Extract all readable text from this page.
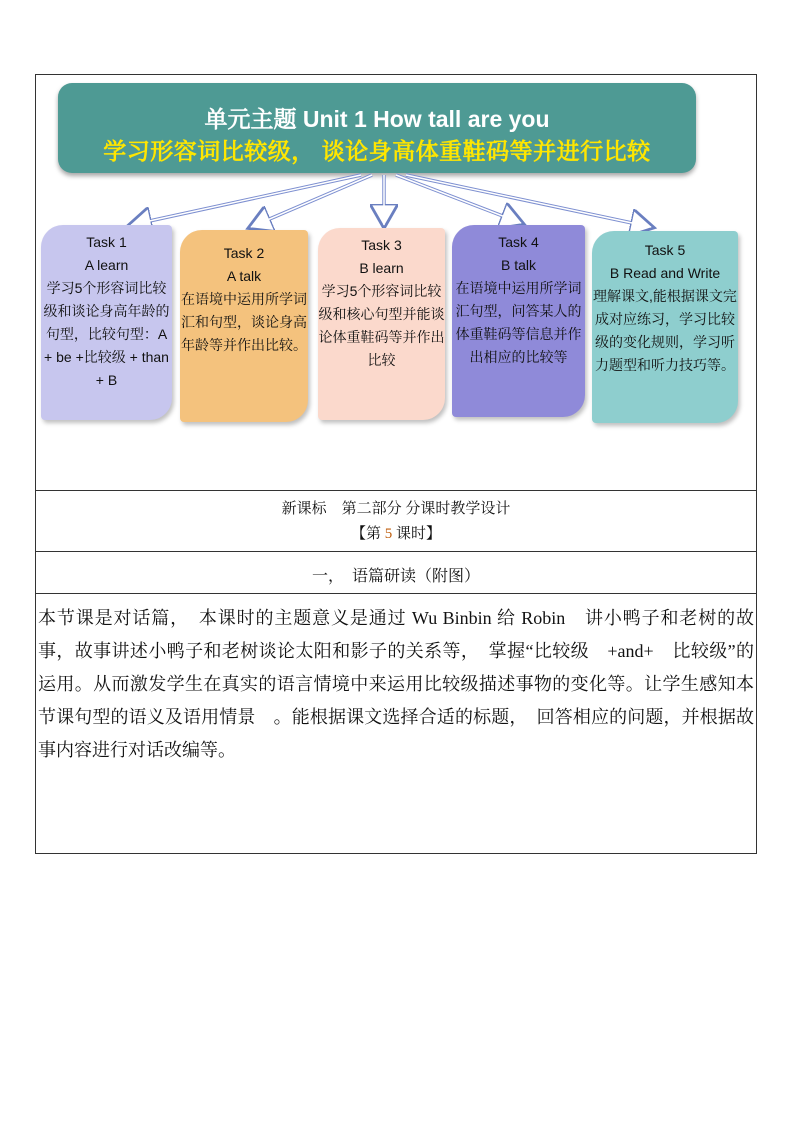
单元主题 Unit 1 How tall are you
学习形容词比较级， 谈论身高体重鞋码等并进行比较
Task 1
A learn
学习5个形容词比较级和谈论身高年龄的句型，比较句型：A + be +比较级 + than + B
Task 2
A talk
在语境中运用所学词汇和句型，谈论身高年龄等并作出比较。
Task 3
B learn
学习5个形容词比较级和核心句型并能谈论体重鞋码等并作出比较
Task 4
B talk
在语境中运用所学词汇句型，问答某人的体重鞋码等信息并作出相应的比较等
Task 5
B Read and Write
理解课文,能根据课文完成对应练习，学习比较级的变化规则，学习听力题型和听力技巧等。
新课标　第二部分 分课时教学设计
【第 5 课时】
一，　语篇研读（附图）

本节课是对话篇，　本课时的主题意义是通过 Wu Binbin 给 Robin　讲小鸭子和老树的故事，故事讲述小鸭子和老树谈论太阳和影子的关系等，　掌握“比较级　+and+　比较级”的运用。从而激发学生在真实的语言情境中来运用比较级描述事物的变化等。让学生感知本节课句型的语义及语用情景　。能根据课文选择合适的标题，　回答相应的问题，并根据故事内容进行对话改编等。
